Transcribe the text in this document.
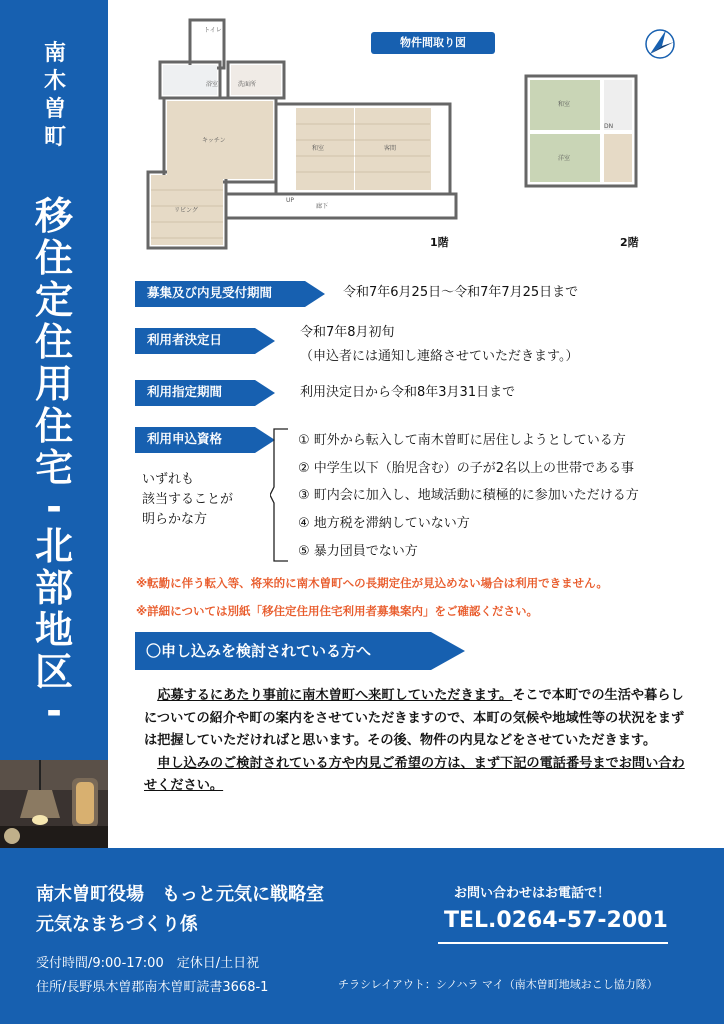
南
木
曽
町
移
住
定
住
用
住
宅
-
北
部
地
区
-
キッチン
リビング
和室	客間
浴室
トイレ
洗面所
廊下
UP
和室
洋室
DN
1階	2階
物件間取り図
募集及び内見受付期間	令和7年6月25日〜令和7年7月25日まで
利用者決定日	令和7年8月初旬
（申込者には通知し連絡させていただきます。）
利用指定期間	利用決定日から令和8年3月31日まで
利用申込資格
いずれも
該当することが
明らかな方
① 町外から転入して南木曽町に居住しようとしている方
② 中学生以下（胎児含む）の子が2名以上の世帯である事
③ 町内会に加入し、地域活動に積極的に参加いただける方
④ 地方税を滞納していない方
⑤ 暴力団員でない方
※転勤に伴う転入等、将来的に南木曽町への長期定住が見込めない場合は利用できません。
※詳細については別紙「移住定住用住宅利用者募集案内」をご確認ください。
〇申し込みを検討されている方へ
　応募するにあたり事前に南木曽町へ来町していただきます。そこで本町での生活や暮らしについての紹介や町の案内をさせていただきますので、本町の気候や地域性等の状況をまずは把握していただければと思います。その後、物件の内見などをさせていただきます。
　申し込みのご検討されている方や内見ご希望の方は、まず下記の電話番号までお問い合わせください。
南木曽町役場　もっと元気に戦略室
元気なまちづくり係
受付時間/9:00-17:00　定休日/土日祝
住所/長野県木曽郡南木曽町読書3668-1
お問い合わせはお電話で！
TEL.0264-57-2001
チラシレイアウト：シノハラ マイ（南木曽町地域おこし協力隊）
